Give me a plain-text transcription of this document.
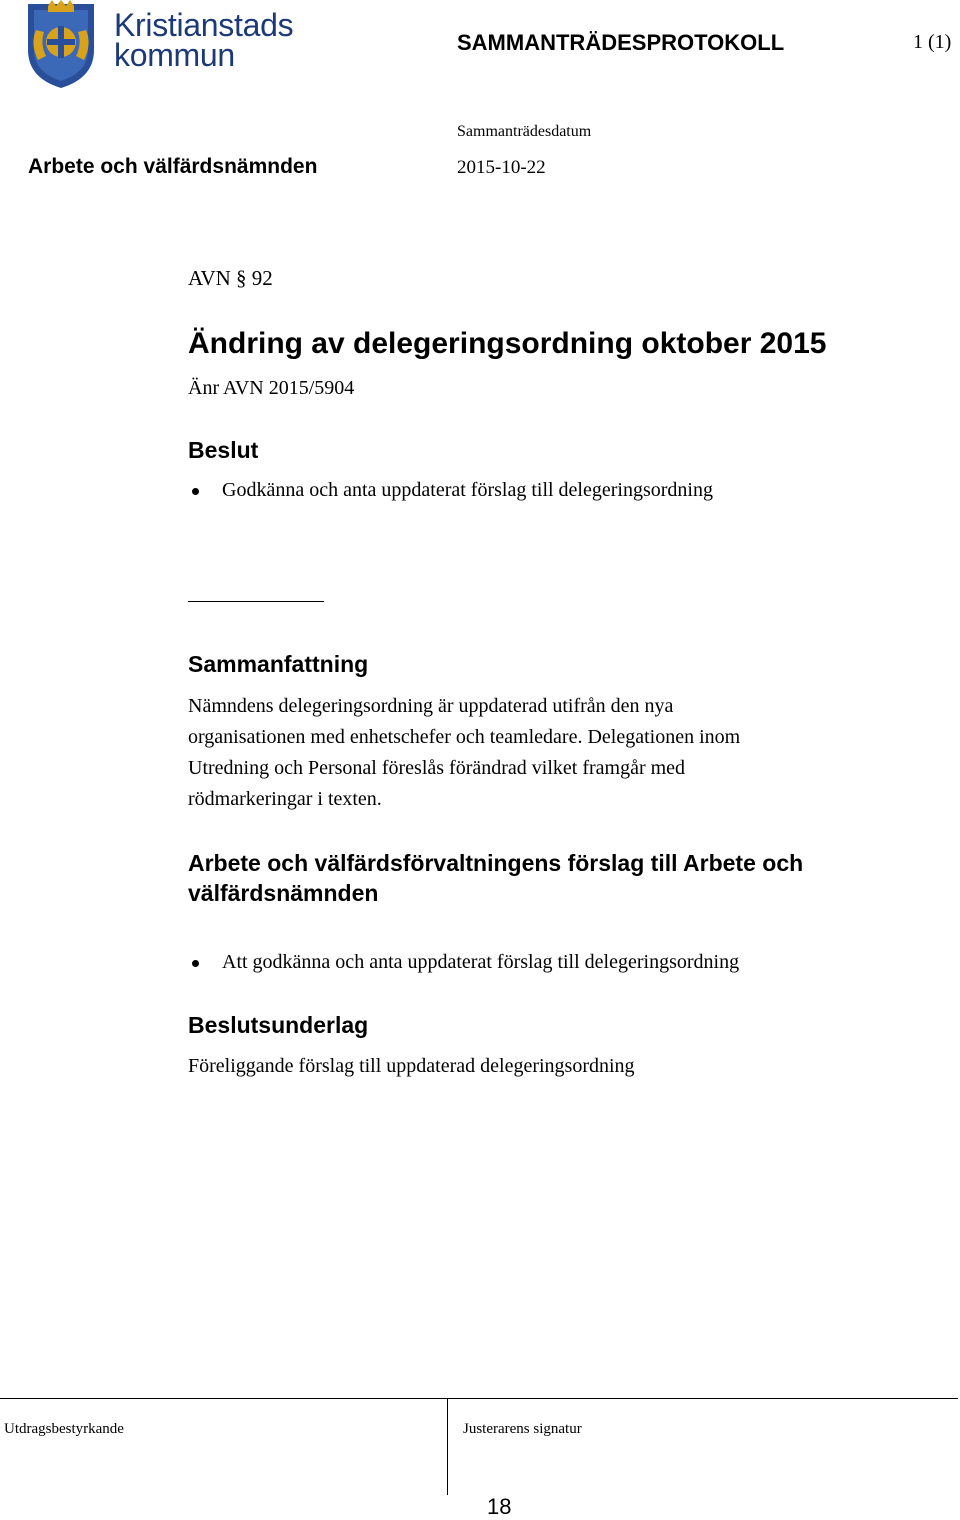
Kristianstads
kommun	SAMMANTRÄDESPROTOKOLL	1 (1)
Sammanträdesdatum
Arbete och välfärdsnämnden	2015-10-22
AVN § 92
Ändring av delegeringsordning oktober 2015
Änr AVN 2015/5904
Beslut
Godkänna och anta uppdaterat förslag till delegeringsordning
Sammanfattning
Nämndens delegeringsordning är uppdaterad utifrån den nya
organisationen med enhetschefer och teamledare. Delegationen inom
Utredning och Personal föreslås förändrad vilket framgår med
rödmarkeringar i texten.
Arbete och välfärdsförvaltningens förslag till Arbete och
välfärdsnämnden
Att godkänna och anta uppdaterat förslag till delegeringsordning
Beslutsunderlag
Föreliggande förslag till uppdaterad delegeringsordning
Utdragsbestyrkande	Justerarens signatur
18
